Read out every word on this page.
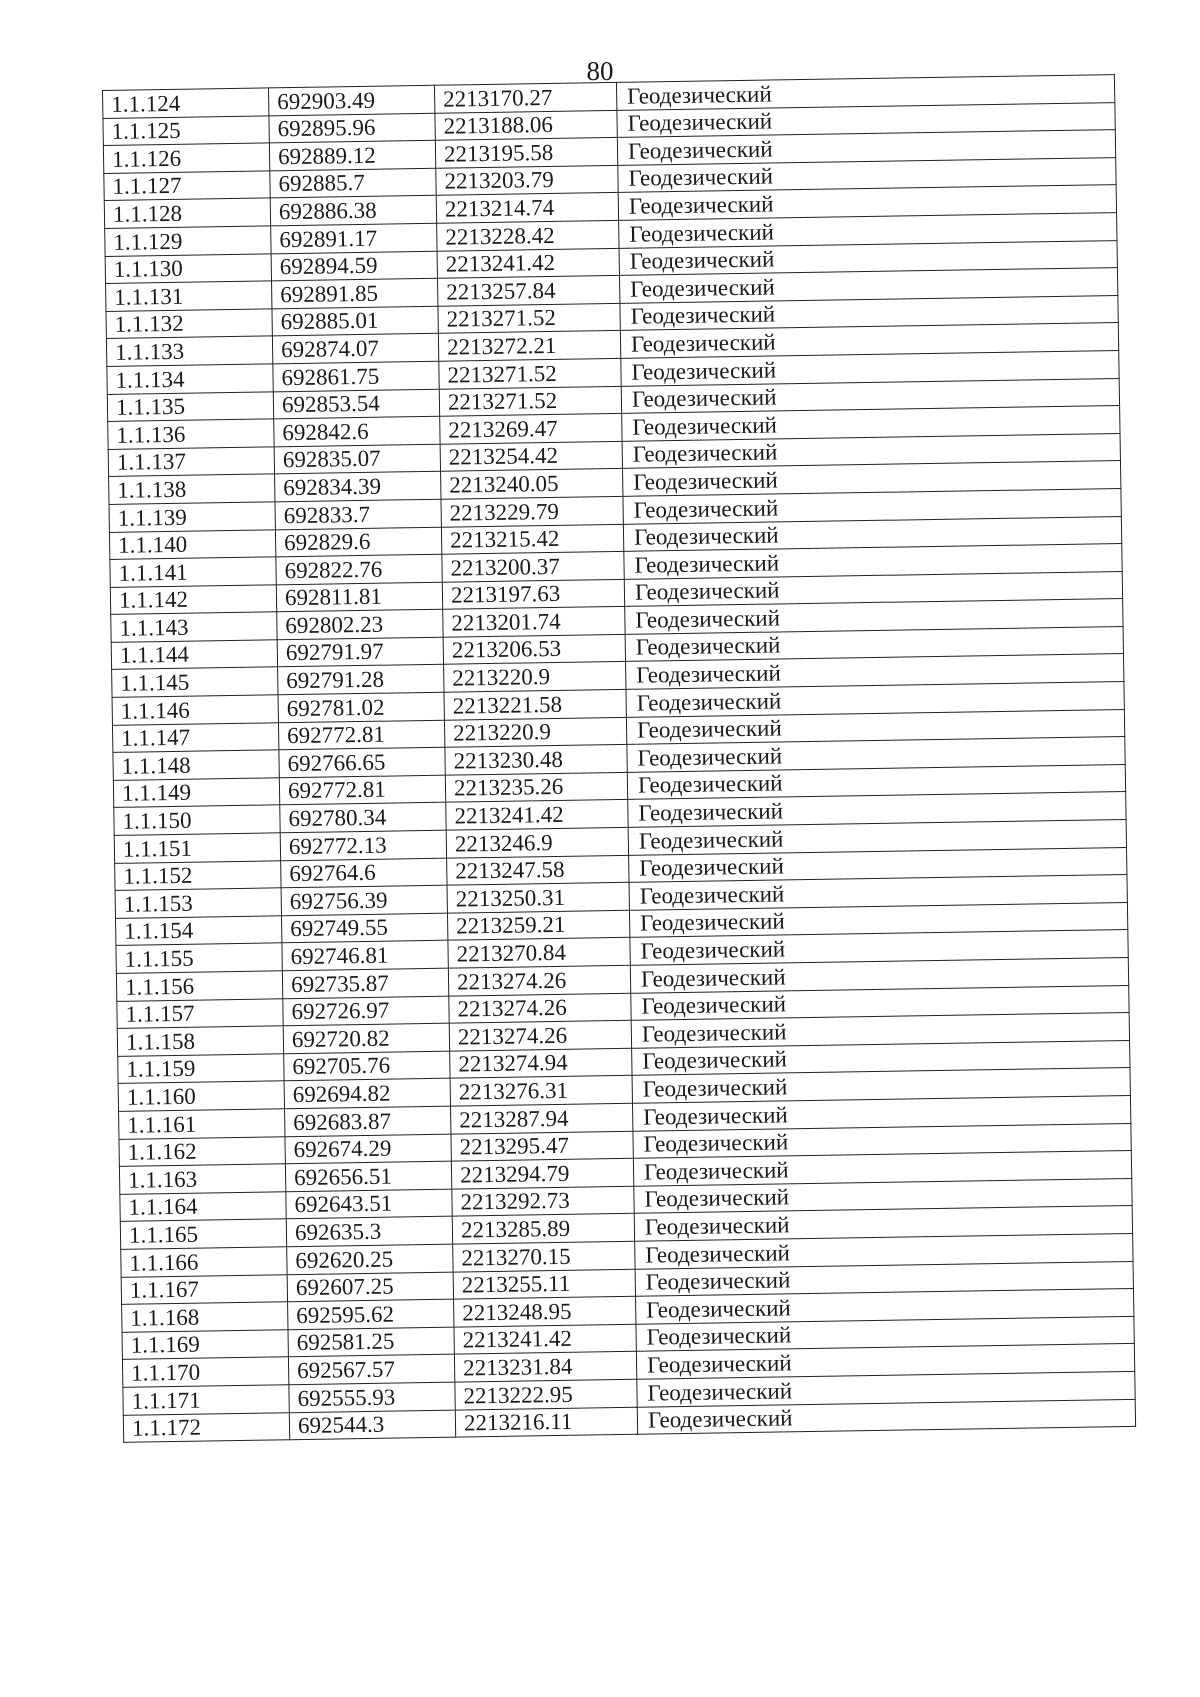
80
1.1.124	692903.49	2213170.27	Геодезический
1.1.125	692895.96	2213188.06	Геодезический
1.1.126	692889.12	2213195.58	Геодезический
1.1.127	692885.7	2213203.79	Геодезический
1.1.128	692886.38	2213214.74	Геодезический
1.1.129	692891.17	2213228.42	Геодезический
1.1.130	692894.59	2213241.42	Геодезический
1.1.131	692891.85	2213257.84	Геодезический
1.1.132	692885.01	2213271.52	Геодезический
1.1.133	692874.07	2213272.21	Геодезический
1.1.134	692861.75	2213271.52	Геодезический
1.1.135	692853.54	2213271.52	Геодезический
1.1.136	692842.6	2213269.47	Геодезический
1.1.137	692835.07	2213254.42	Геодезический
1.1.138	692834.39	2213240.05	Геодезический
1.1.139	692833.7	2213229.79	Геодезический
1.1.140	692829.6	2213215.42	Геодезический
1.1.141	692822.76	2213200.37	Геодезический
1.1.142	692811.81	2213197.63	Геодезический
1.1.143	692802.23	2213201.74	Геодезический
1.1.144	692791.97	2213206.53	Геодезический
1.1.145	692791.28	2213220.9	Геодезический
1.1.146	692781.02	2213221.58	Геодезический
1.1.147	692772.81	2213220.9	Геодезический
1.1.148	692766.65	2213230.48	Геодезический
1.1.149	692772.81	2213235.26	Геодезический
1.1.150	692780.34	2213241.42	Геодезический
1.1.151	692772.13	2213246.9	Геодезический
1.1.152	692764.6	2213247.58	Геодезический
1.1.153	692756.39	2213250.31	Геодезический
1.1.154	692749.55	2213259.21	Геодезический
1.1.155	692746.81	2213270.84	Геодезический
1.1.156	692735.87	2213274.26	Геодезический
1.1.157	692726.97	2213274.26	Геодезический
1.1.158	692720.82	2213274.26	Геодезический
1.1.159	692705.76	2213274.94	Геодезический
1.1.160	692694.82	2213276.31	Геодезический
1.1.161	692683.87	2213287.94	Геодезический
1.1.162	692674.29	2213295.47	Геодезический
1.1.163	692656.51	2213294.79	Геодезический
1.1.164	692643.51	2213292.73	Геодезический
1.1.165	692635.3	2213285.89	Геодезический
1.1.166	692620.25	2213270.15	Геодезический
1.1.167	692607.25	2213255.11	Геодезический
1.1.168	692595.62	2213248.95	Геодезический
1.1.169	692581.25	2213241.42	Геодезический
1.1.170	692567.57	2213231.84	Геодезический
1.1.171	692555.93	2213222.95	Геодезический
1.1.172	692544.3	2213216.11	Геодезический
